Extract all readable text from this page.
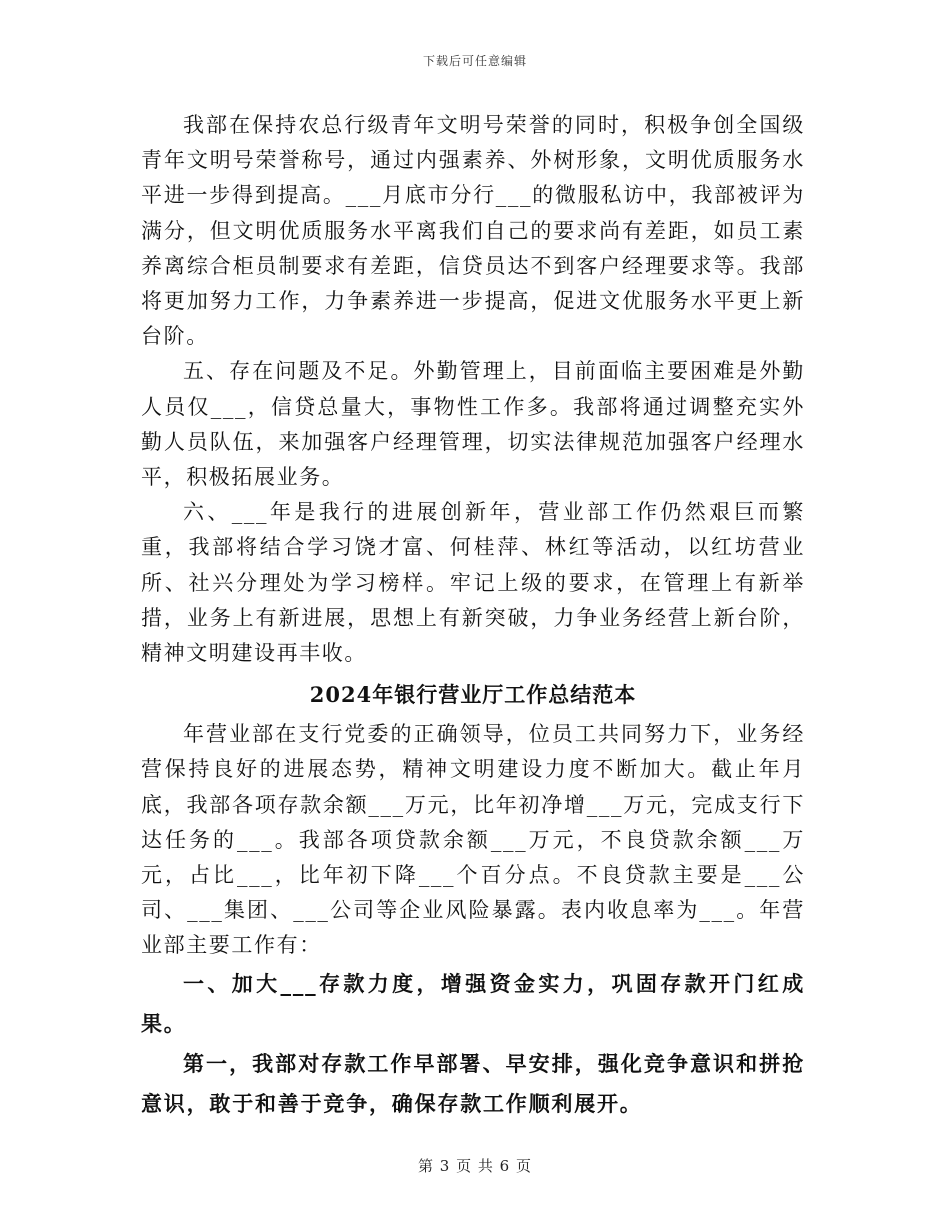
下载后可任意编辑

我部在保持农总行级青年文明号荣誉的同时，积极争创全国级青年文明号荣誉称号，通过内强素养、外树形象，文明优质服务水平进一步得到提高。___月底市分行___的微服私访中，我部被评为满分，但文明优质服务水平离我们自己的要求尚有差距，如员工素养离综合柜员制要求有差距，信贷员达不到客户经理要求等。我部将更加努力工作，力争素养进一步提高，促进文优服务水平更上新台阶。

五、存在问题及不足。外勤管理上，目前面临主要困难是外勤人员仅___，信贷总量大，事物性工作多。我部将通过调整充实外勤人员队伍，来加强客户经理管理，切实法律规范加强客户经理水平，积极拓展业务。

六、___年是我行的进展创新年，营业部工作仍然艰巨而繁重，我部将结合学习饶才富、何桂萍、林红等活动，以红坊营业所、社兴分理处为学习榜样。牢记上级的要求，在管理上有新举措，业务上有新进展，思想上有新突破，力争业务经营上新台阶，精神文明建设再丰收。

2024年银行营业厅工作总结范本

年营业部在支行党委的正确领导，位员工共同努力下，业务经营保持良好的进展态势，精神文明建设力度不断加大。截止年月底，我部各项存款余额___万元，比年初净增___万元，完成支行下达任务的___。我部各项贷款余额___万元，不良贷款余额___万元，占比___，比年初下降___个百分点。不良贷款主要是___公司、___集团、___公司等企业风险暴露。表内收息率为___。年营业部主要工作有：

一、加大___存款力度，增强资金实力，巩固存款开门红成果。

第一，我部对存款工作早部署、早安排，强化竞争意识和拼抢意识，敢于和善于竞争，确保存款工作顺利展开。

第 3 页 共 6 页
